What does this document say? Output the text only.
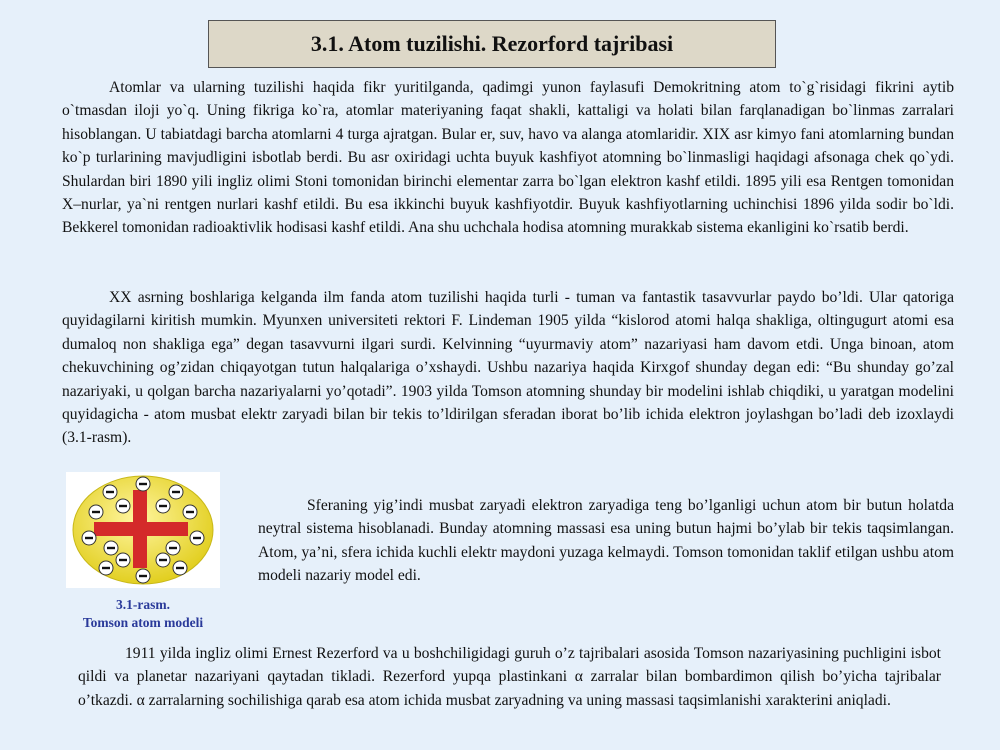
3.1. Atom tuzilishi. Rezorford tajribasi

Atomlar va ularning tuzilishi haqida fikr yuritilganda, qadimgi yunon faylasufi Demokritning atom to`g`risidagi fikrini aytib o`tmasdan iloji yo`q. Uning fikriga ko`ra, atomlar materiyaning faqat shakli, kattaligi va holati bilan farqlanadigan bo`linmas zarralari hisoblangan. U tabiatdagi barcha atomlarni 4 turga ajratgan. Bular er, suv, havo va alanga atomlaridir. XIX asr kimyo fani atomlarning bundan ko`p turlarining mavjudligini isbotlab berdi. Bu asr oxiridagi uchta buyuk kashfiyot atomning bo`linmasligi haqidagi afsonaga chek qo`ydi. Shulardan biri 1890 yili ingliz olimi Stoni tomonidan birinchi elementar zarra bo`lgan elektron kashf etildi. 1895 yili esa Rentgen tomonidan X–nurlar, ya`ni rentgen nurlari kashf etildi. Bu esa ikkinchi buyuk kashfiyotdir. Buyuk kashfiyotlarning uchinchisi 1896 yilda sodir bo`ldi. Bekkerel tomonidan radioaktivlik hodisasi kashf etildi. Ana shu uchchala hodisa atomning murakkab sistema ekanligini ko`rsatib berdi.

XX asrning boshlariga kelganda ilm fanda atom tuzilishi haqida turli - tuman va fantastik tasavvurlar paydo bo’ldi. Ular qatoriga quyidagilarni kiritish mumkin. Myunxen universiteti rektori F. Lindeman 1905 yilda “kislorod atomi halqa shakliga, oltingugurt atomi esa dumaloq non shakliga ega” degan tasavvurni ilgari surdi. Kelvinning “uyurmaviy atom” nazariyasi ham davom etdi. Unga binoan, atom chekuvchining og’zidan chiqayotgan tutun halqalariga o’xshaydi. Ushbu nazariya haqida Kirxgof shunday degan edi: “Bu shunday go’zal nazariyaki, u qolgan barcha nazariyalarni yo’qotadi”. 1903 yilda Tomson atomning shunday bir modelini ishlab chiqdiki, u yaratgan modelini quyidagicha - atom musbat elektr zaryadi bilan bir tekis to’ldirilgan sferadan iborat bo’lib ichida elektron joylashgan bo’ladi deb izoxlaydi (3.1-rasm).

3.1-rasm.
Tomson atom modeli

Sferaning yig’indi musbat zaryadi elektron zaryadiga teng bo’lganligi uchun atom bir butun holatda neytral sistema hisoblanadi. Bunday atomning massasi esa uning butun hajmi bo’ylab bir tekis taqsimlangan. Atom, ya’ni, sfera ichida kuchli elektr maydoni yuzaga kelmaydi. Tomson tomonidan taklif etilgan ushbu atom modeli nazariy model edi.

1911 yilda ingliz olimi Ernest Rezerford va u boshchiligidagi guruh o’z tajribalari asosida Tomson nazariyasining puchligini isbot qildi va planetar nazariyani qaytadan tikladi. Rezerford yupqa plastinkani α zarralar bilan bombardimon qilish bo’yicha tajribalar o’tkazdi. α zarralarning sochilishiga qarab esa atom ichida musbat zaryadning va uning massasi taqsimlanishi xarakterini aniqladi.
